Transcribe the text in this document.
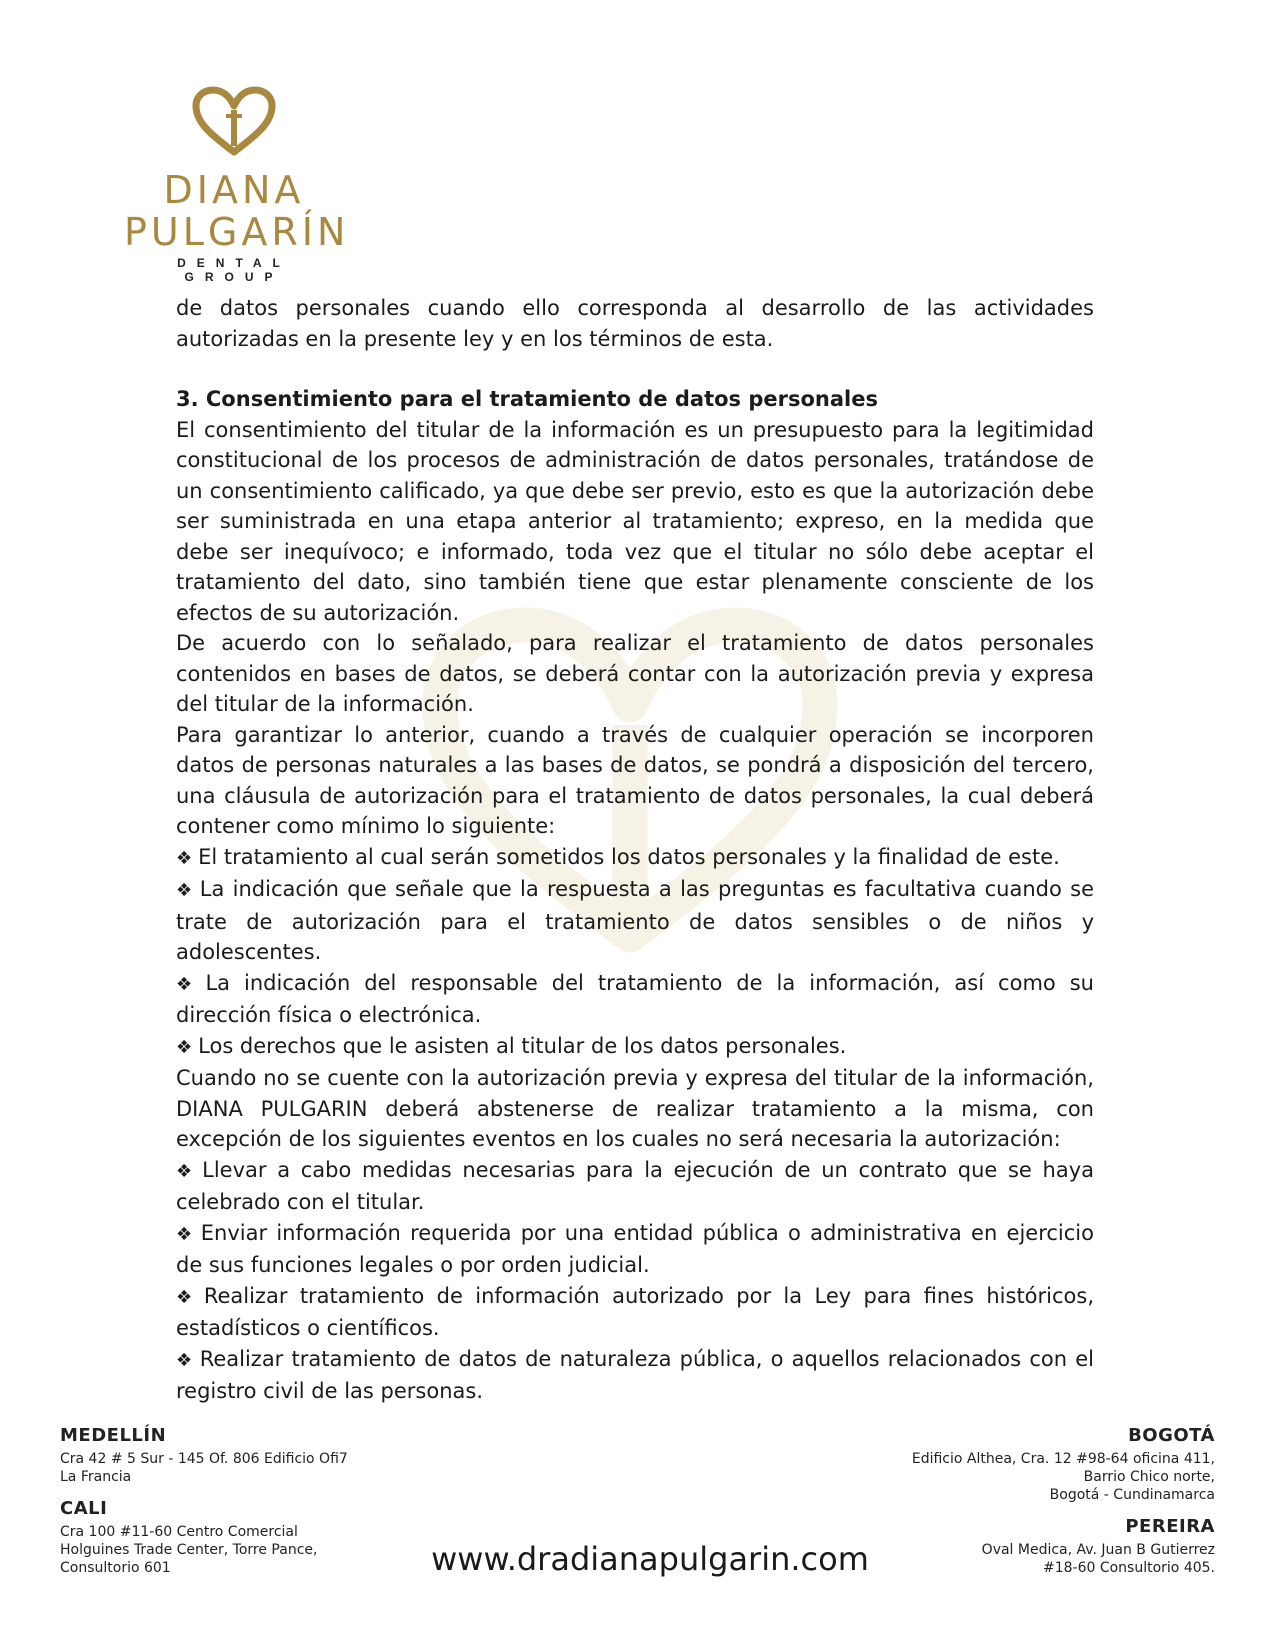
DIANA
PULGARÍN
DENTAL GROUP

de datos personales cuando ello corresponda al desarrollo de las actividades autorizadas en la presente ley y en los términos de esta.

3. Consentimiento para el tratamiento de datos personales

El consentimiento del titular de la información es un presupuesto para la legitimidad constitucional de los procesos de administración de datos personales, tratándose de un consentimiento calificado, ya que debe ser previo, esto es que la autorización debe ser suministrada en una etapa anterior al tratamiento; expreso, en la medida que debe ser inequívoco; e informado, toda vez que el titular no sólo debe aceptar el tratamiento del dato, sino también tiene que estar plenamente consciente de los efectos de su autorización.

De acuerdo con lo señalado, para realizar el tratamiento de datos personales contenidos en bases de datos, se deberá contar con la autorización previa y expresa del titular de la información.

Para garantizar lo anterior, cuando a través de cualquier operación se incorporen datos de personas naturales a las bases de datos, se pondrá a disposición del tercero, una cláusula de autorización para el tratamiento de datos personales, la cual deberá contener como mínimo lo siguiente:

❖ El tratamiento al cual serán sometidos los datos personales y la finalidad de este.

❖ La indicación que señale que la respuesta a las preguntas es facultativa cuando se trate de autorización para el tratamiento de datos sensibles o de niños y adolescentes.

❖ La indicación del responsable del tratamiento de la información, así como su dirección física o electrónica.

❖ Los derechos que le asisten al titular de los datos personales.

Cuando no se cuente con la autorización previa y expresa del titular de la información, DIANA PULGARIN deberá abstenerse de realizar tratamiento a la misma, con excepción de los siguientes eventos en los cuales no será necesaria la autorización:

❖ Llevar a cabo medidas necesarias para la ejecución de un contrato que se haya celebrado con el titular.

❖ Enviar información requerida por una entidad pública o administrativa en ejercicio de sus funciones legales o por orden judicial.

❖ Realizar tratamiento de información autorizado por la Ley para fines históricos, estadísticos o científicos.

❖ Realizar tratamiento de datos de naturaleza pública, o aquellos relacionados con el registro civil de las personas.

MEDELLÍN

Cra 42 # 5 Sur - 145 Of. 806 Edificio Ofi7
La Francia

CALI

Cra 100 #11-60 Centro Comercial
Holguines Trade Center, Torre Pance,
Consultorio 601

BOGOTÁ

Edificio Althea, Cra. 12 #98-64 oficina 411,
Barrio Chico norte,
Bogotá - Cundinamarca

PEREIRA

Oval Medica, Av. Juan B Gutierrez
#18-60 Consultorio 405.

www.dradianapulgarin.com
